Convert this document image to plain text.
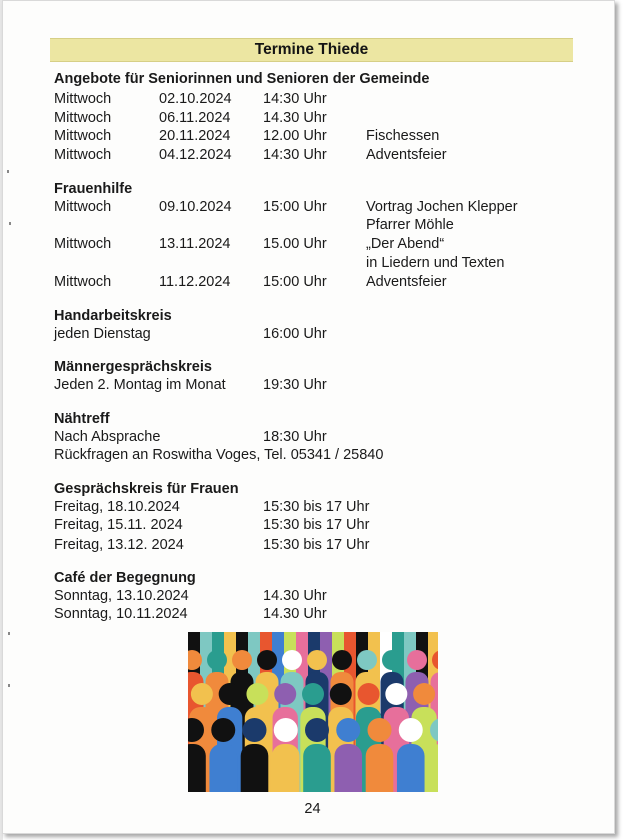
Termine Thiede
Angebote für Seniorinnen und Senioren der Gemeinde
Mittwoch	02.10.2024 14:30 Uhr
Mittwoch	06.11.2024 14.30 Uhr
Mittwoch	20.11.2024 12.00 Uhr	Fischessen
Mittwoch	04.12.2024 14:30 Uhr	Adventsfeier
Frauenhilfe
Mittwoch	09.10.2024 15:00 Uhr	Vortrag Jochen Klepper
Pfarrer Möhle
Mittwoch	13.11.2024 15.00 Uhr	„Der Abend“
in Liedern und Texten
Mittwoch	11.12.2024 15:00 Uhr	Adventsfeier
Handarbeitskreis
jeden Dienstag	16:00 Uhr
Männergesprächskreis
Jeden 2. Montag im Monat	19:30 Uhr
Nähtreff
Nach Absprache	18:30 Uhr
Rückfragen an Roswitha Voges, Tel. 05341 / 25840
Gesprächskreis für Frauen
Freitag, 18.10.2024	15:30 bis 17 Uhr
Freitag, 15.11. 2024	15:30 bis 17 Uhr
Freitag, 13.12. 2024	15:30 bis 17 Uhr
Café der Begegnung
Sonntag, 13.10.2024	14.30 Uhr
Sonntag, 10.11.2024	14.30 Uhr
24
